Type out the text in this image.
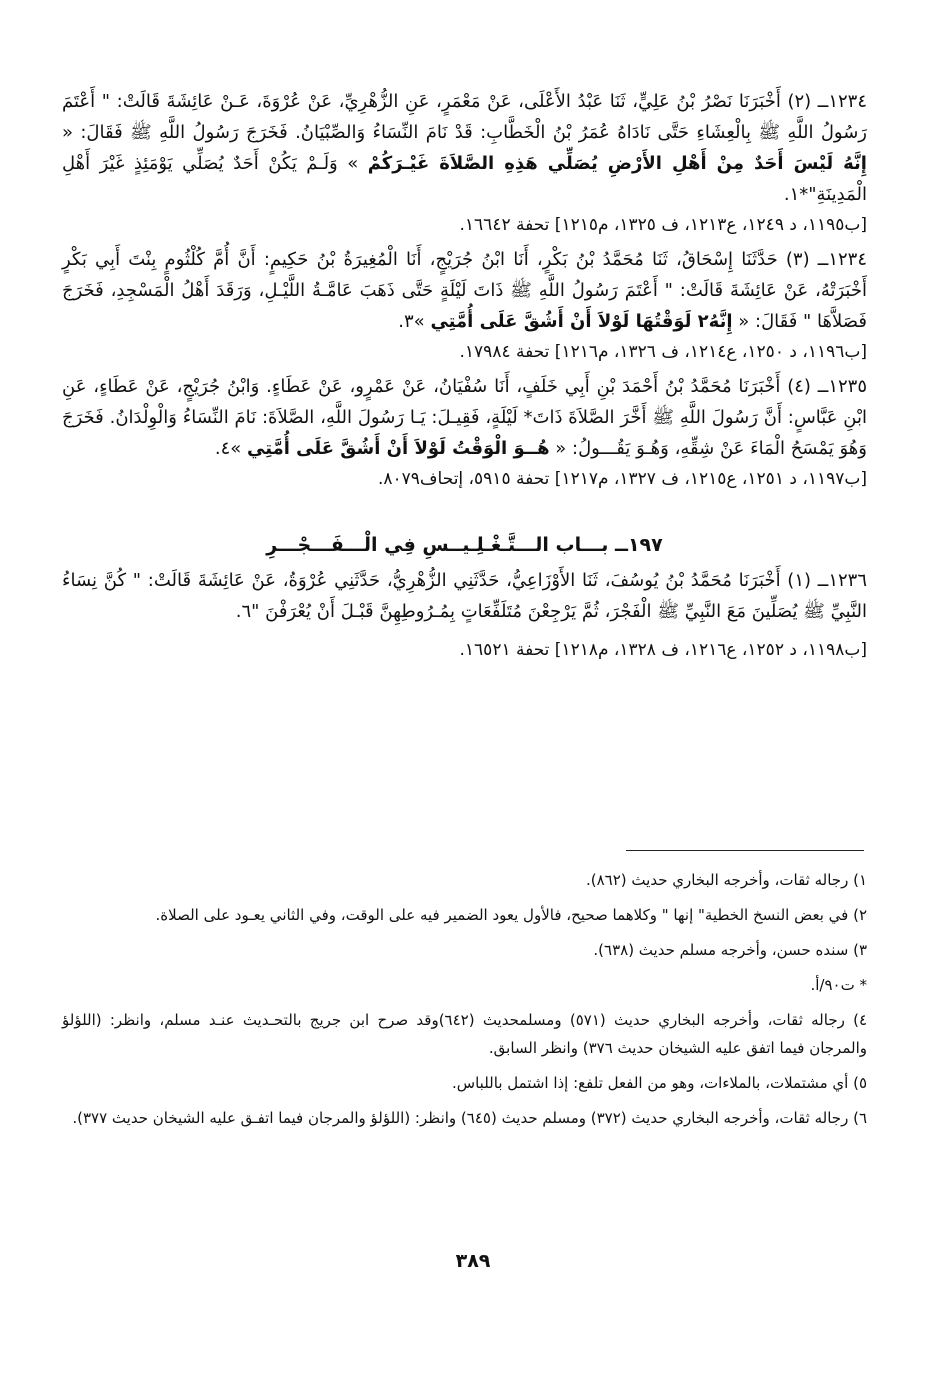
١٢٣٤ــ (٢) أَخْبَرَنَا نَصْرُ بْنُ عَلِيٍّ، ثَنَا عَبْدُ الأَعْلَى، عَنْ مَعْمَرٍ، عَنِ الزُّهْرِيِّ، عَنْ عُرْوَةَ، عَـنْ عَائِشَةَ قَالَتْ: " أَعْتَمَ رَسُولُ اللَّهِ ﷺ بِالْعِشَاءِ حَتَّى نَادَاهُ عُمَرُ بْنُ الْخَطَّابِ: قَدْ نَامَ النِّسَاءُ وَالصِّبْيَانُ. فَخَرَجَ رَسُولُ اللَّهِ ﷺ فَقَالَ: « إِنَّهُ لَيْسَ أَحَدٌ مِنْ أَهْلِ الأَرْضِ يُصَلِّي هَذِهِ الصَّلاَةَ غَيْـرَكُمْ » وَلَـمْ يَكُنْ أَحَدٌ يُصَلِّي يَوْمَئِذٍ غَيْرَ أَهْلِ الْمَدِينَةِ"*١.

[ب١١٩٥، د ١٢٤٩، ع١٢١٣، ف ١٣٢٥، م١٢١٥] تحفة ١٦٦٤٢.

١٢٣٤ــ (٣) حَدَّثَنَا إِسْحَاقُ، ثَنَا مُحَمَّدُ بْنُ بَكْرٍ، أَنَا ابْنُ جُرَيْجٍ، أَنَا الْمُغِيرَةُ بْنُ حَكِيمٍ: أَنَّ أُمَّ كُلْثُومٍ بِنْتَ أَبِي بَكْرٍ أَخْبَرَتْهُ، عَنْ عَائِشَةَ قَالَتْ: " أَعْتَمَ رَسُولُ اللَّهِ ﷺ ذَاتَ لَيْلَةٍ حَتَّى ذَهَبَ عَامَّـةُ اللَّيْـلِ، وَرَقَدَ أَهْلُ الْمَسْجِدِ، فَخَرَجَ فَصَلاَّهَا " فَقَالَ: « إِنَّهُ٢ لَوَقْتُهَا لَوْلاَ أَنْ أَشُقَّ عَلَى أُمَّتِي »٣.

[ب١١٩٦، د ١٢٥٠، ع١٢١٤، ف ١٣٢٦، م١٢١٦] تحفة ١٧٩٨٤.

١٢٣٥ــ (٤) أَخْبَرَنَا مُحَمَّدُ بْنُ أَحْمَدَ بْنِ أَبِي خَلَفٍ، أَنَا سُفْيَانُ، عَنْ عَمْرٍو، عَنْ عَطَاءٍ. وَابْنُ جُرَيْجٍ، عَنْ عَطَاءٍ، عَنِ ابْنِ عَبَّاسٍ: أَنَّ رَسُولَ اللَّهِ ﷺ أَخَّرَ الصَّلاَةَ ذَاتَ* لَيْلَةٍ، فَقِيـلَ: يَـا رَسُولَ اللَّهِ، الصَّلاَةَ: نَامَ النِّسَاءُ وَالْوِلْدَانُ. فَخَرَجَ وَهُوَ يَمْسَحُ الْمَاءَ عَنْ شِقِّهِ، وَهُـوَ يَقُـــولُ: « هُــوَ الْوَقْتُ لَوْلاَ أَنْ أَشُقَّ عَلَى أُمَّتِي »٤.

[ب١١٩٧، د ١٢٥١، ع١٢١٥، ف ١٣٢٧، م١٢١٧] تحفة ٥٩١٥، إتحاف٨٠٧٩.

١٩٧ــ بـــاب الـــتَّـغْـلِـيــسِ فِي الْـــفَـــجْـــرِ

١٢٣٦ــ (١) أَخْبَرَنَا مُحَمَّدُ بْنُ يُوسُفَ، ثَنَا الأَوْزَاعِيُّ، حَدَّثَنِي الزُّهْرِيُّ، حَدَّثَنِي عُرْوَةُ، عَنْ عَائِشَةَ قَالَتْ: " كُنَّ نِسَاءُ النَّبِيِّ ﷺ يُصَلِّينَ مَعَ النَّبِيِّ ﷺ الْفَجْرَ، ثُمَّ يَرْجِعْنَ مُتَلَفِّعَاتٍ بِمُـرُوطِهِنَّ قَبْـلَ أَنْ يُعْرَفْنَ "٦.

[ب١١٩٨، د ١٢٥٢، ع١٢١٦، ف ١٣٢٨، م١٢١٨] تحفة ١٦٥٢١.

١) رجاله ثقات، وأخرجه البخاري حديث (٨٦٢).

٢) في بعض النسخ الخطية" إنها " وكلاهما صحيح، فالأول يعود الضمير فيه على الوقت، وفي الثاني يعـود على الصلاة.

٣) سنده حسن، وأخرجه مسلم حديث (٦٣٨).

* ت٩٠/أ.

٤) رجاله ثقات، وأخرجه البخاري حديث (٥٧١) ومسلمحديث (٦٤٢)وقد صرح ابن جريج بالتحـديث عنـد مسلم، وانظر: (اللؤلؤ والمرجان فيما اتفق عليه الشيخان حديث ٣٧٦) وانظر السابق.

٥) أي مشتملات، بالملاءات، وهو من الفعل تلفع: إذا اشتمل باللباس.

٦) رجاله ثقات، وأخرجه البخاري حديث (٣٧٢) ومسلم حديث (٦٤٥) وانظر: (اللؤلؤ والمرجان فيما اتفـق عليه الشيخان حديث ٣٧٧).

٣٨٩
